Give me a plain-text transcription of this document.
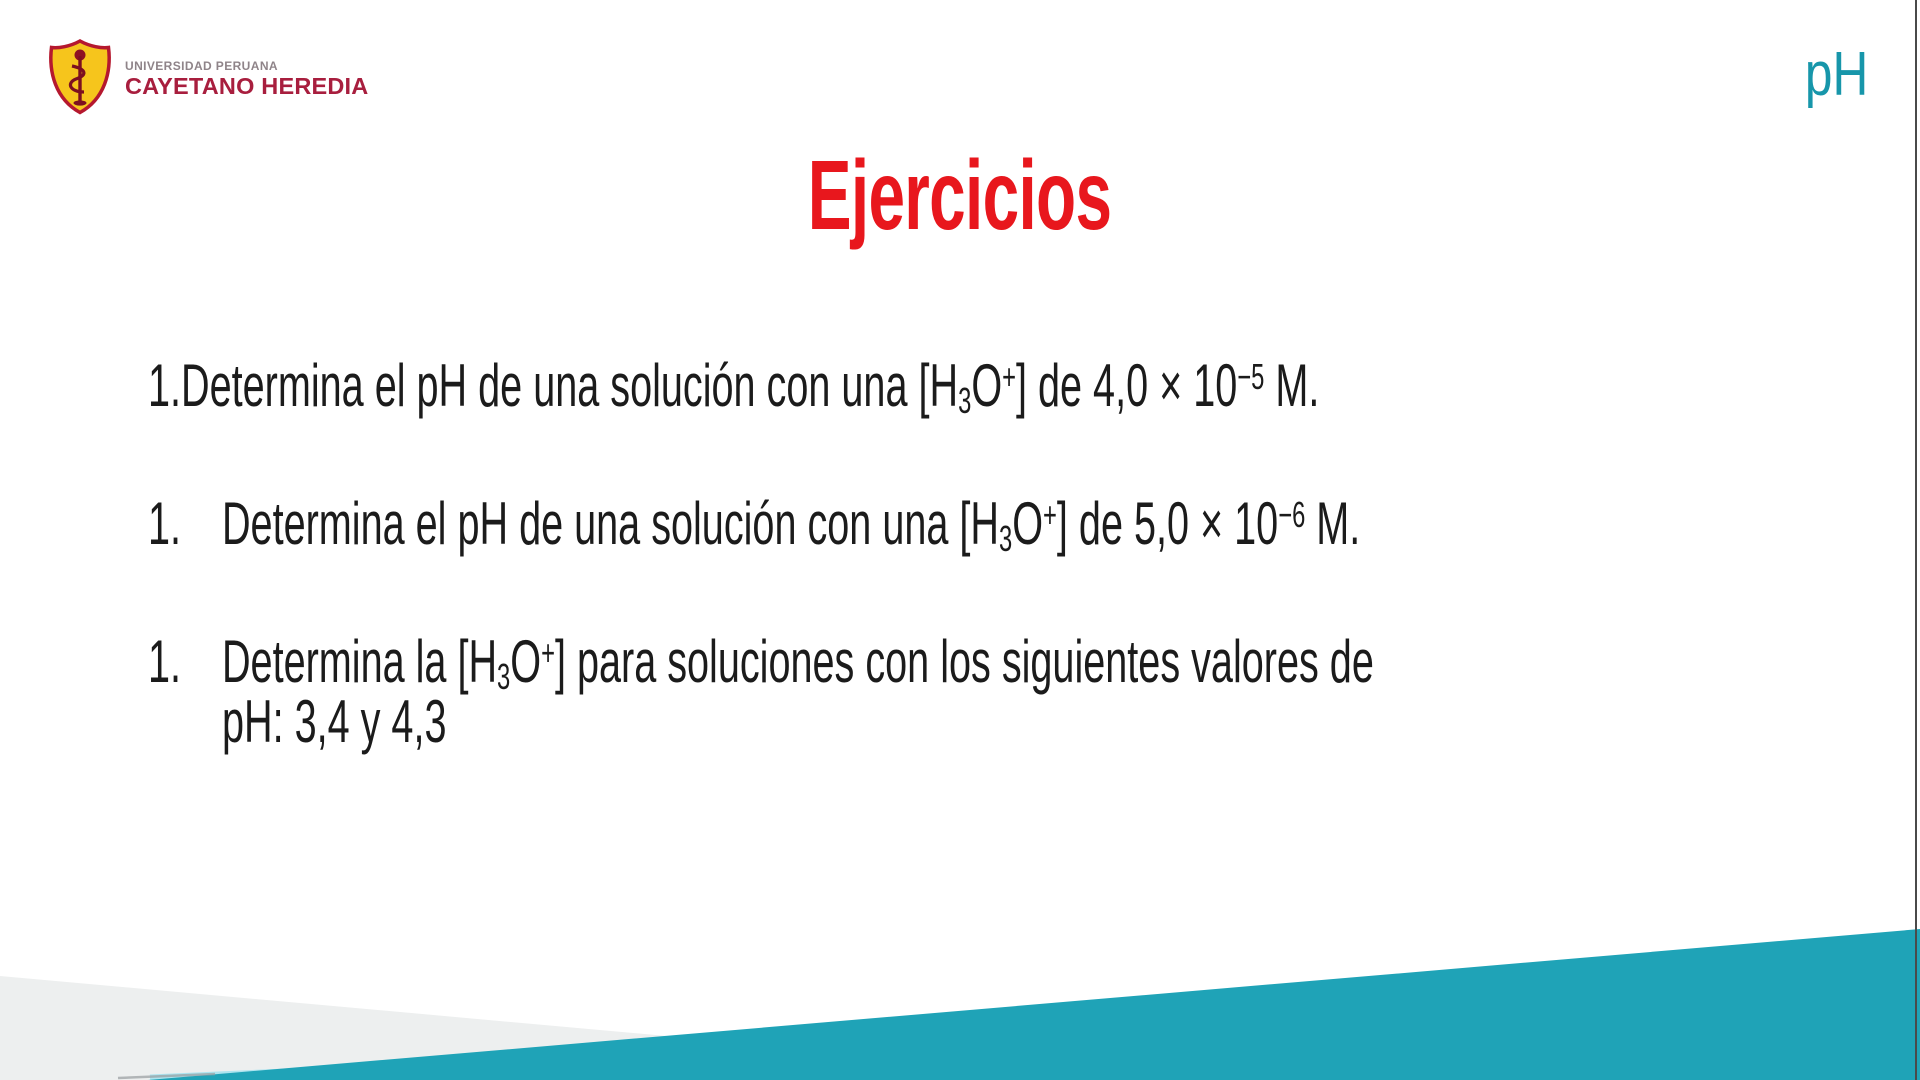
UNIVERSIDAD PERUANA
CAYETANO HEREDIA	pH
Ejercicios
1. Determina el pH de una solución con una $[H_3O^+]$ de $4,0 \times 10^{-5}$ M.
1. Determina el pH de una solución con una $[H_3O^+]$ de $5,0 \times 10^{-6}$ M.
1. Determina la $[H_3O^+]$ para soluciones con los siguientes valores de
pH: 3,4 y 4,3
